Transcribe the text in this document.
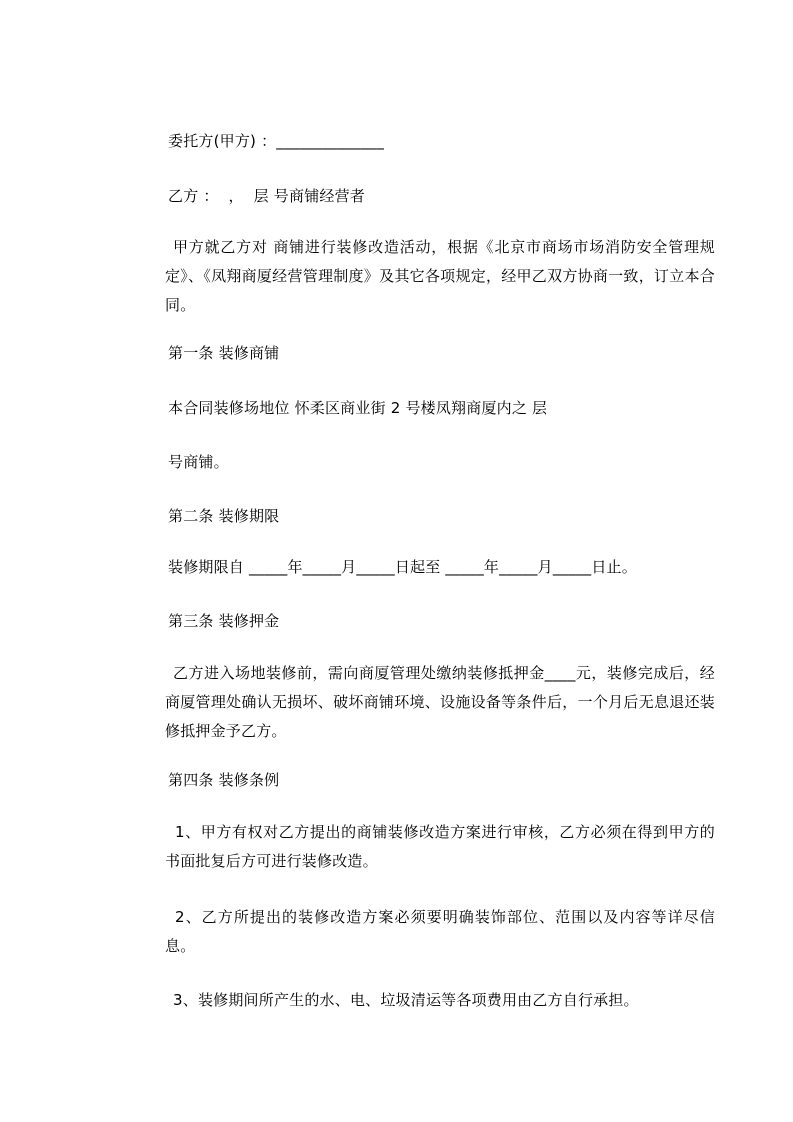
委托方(甲方) ：______________
乙方 ：  ，  层 号商铺经营者
甲方就乙方对 商铺进行装修改造活动，根据《北京市商场市场消防安全管理规定》、《凤翔商厦经营管理制度》及其它各项规定，经甲乙双方协商一致，订立本合同。
第一条 装修商铺
本合同装修场地位 怀柔区商业街 2 号楼凤翔商厦内之 层
号商铺。
第二条 装修期限
装修期限自 _____年_____月_____日起至 _____年_____月_____日止。
第三条 装修押金
乙方进入场地装修前，需向商厦管理处缴纳装修抵押金____元，装修完成后，经商厦管理处确认无损坏、破坏商铺环境、设施设备等条件后，一个月后无息退还装修抵押金予乙方。
第四条 装修条例
1、甲方有权对乙方提出的商铺装修改造方案进行审核，乙方必须在得到甲方的书面批复后方可进行装修改造。
2、乙方所提出的装修改造方案必须要明确装饰部位、范围以及内容等详尽信息。
3、装修期间所产生的水、电、垃圾清运等各项费用由乙方自行承担。
